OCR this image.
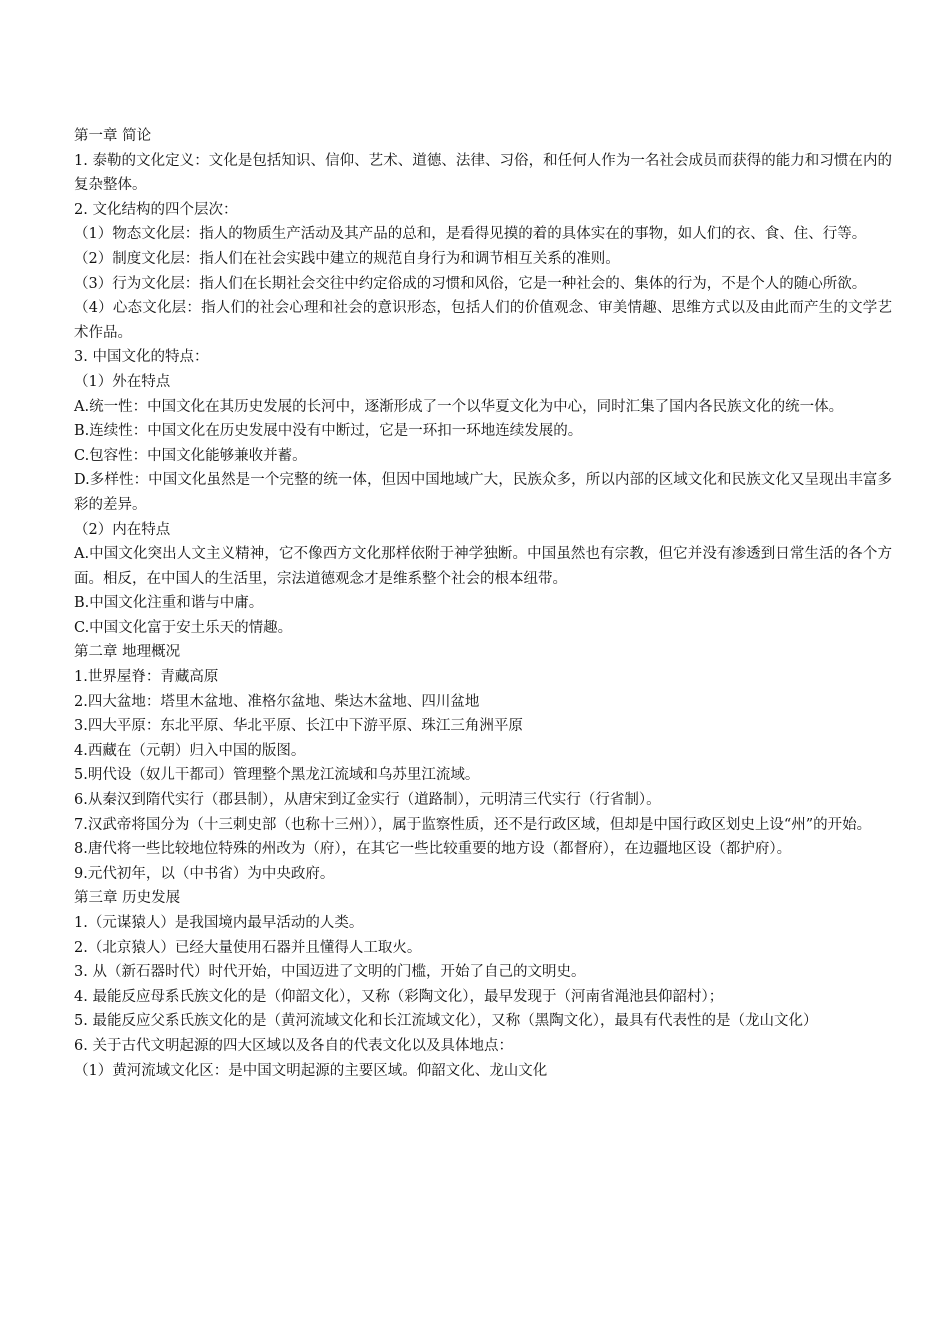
第一章 简论

1. 泰勒的文化定义：文化是包括知识、信仰、艺术、道德、法律、习俗，和任何人作为一名社会成员而获得的能力和习惯在内的复杂整体。

2. 文化结构的四个层次：

（1）物态文化层：指人的物质生产活动及其产品的总和，是看得见摸的着的具体实在的事物，如人们的衣、食、住、行等。

（2）制度文化层：指人们在社会实践中建立的规范自身行为和调节相互关系的准则。

（3）行为文化层：指人们在长期社会交往中约定俗成的习惯和风俗，它是一种社会的、集体的行为，不是个人的随心所欲。

（4）心态文化层：指人们的社会心理和社会的意识形态，包括人们的价值观念、审美情趣、思维方式以及由此而产生的文学艺术作品。

3. 中国文化的特点：

（1）外在特点

A.统一性：中国文化在其历史发展的长河中，逐渐形成了一个以华夏文化为中心，同时汇集了国内各民族文化的统一体。

B.连续性：中国文化在历史发展中没有中断过，它是一环扣一环地连续发展的。

C.包容性：中国文化能够兼收并蓄。

D.多样性：中国文化虽然是一个完整的统一体，但因中国地域广大，民族众多，所以内部的区域文化和民族文化又呈现出丰富多彩的差异。

（2）内在特点

A.中国文化突出人文主义精神，它不像西方文化那样依附于神学独断。中国虽然也有宗教，但它并没有渗透到日常生活的各个方面。相反，在中国人的生活里，宗法道德观念才是维系整个社会的根本纽带。

B.中国文化注重和谐与中庸。

C.中国文化富于安土乐天的情趣。

第二章 地理概况

1.世界屋脊：青藏高原

2.四大盆地：塔里木盆地、准格尔盆地、柴达木盆地、四川盆地

3.四大平原：东北平原、华北平原、长江中下游平原、珠江三角洲平原

4.西藏在（元朝）归入中国的版图。

5.明代设（奴儿干都司）管理整个黑龙江流域和乌苏里江流域。

6.从秦汉到隋代实行（郡县制），从唐宋到辽金实行（道路制），元明清三代实行（行省制）。

7.汉武帝将国分为（十三刺史部（也称十三州）），属于监察性质，还不是行政区域，但却是中国行政区划史上设“州”的开始。

8.唐代将一些比较地位特殊的州改为（府），在其它一些比较重要的地方设（都督府），在边疆地区设（都护府）。

9.元代初年，以（中书省）为中央政府。

第三章 历史发展

1.（元谋猿人）是我国境内最早活动的人类。

2.（北京猿人）已经大量使用石器并且懂得人工取火。

3. 从（新石器时代）时代开始，中国迈进了文明的门槛，开始了自己的文明史。

4. 最能反应母系氏族文化的是（仰韶文化），又称（彩陶文化），最早发现于（河南省渑池县仰韶村）；

5. 最能反应父系氏族文化的是（黄河流域文化和长江流域文化），又称（黑陶文化），最具有代表性的是（龙山文化）

6. 关于古代文明起源的四大区域以及各自的代表文化以及具体地点：

（1）黄河流域文化区：是中国文明起源的主要区域。仰韶文化、龙山文化
